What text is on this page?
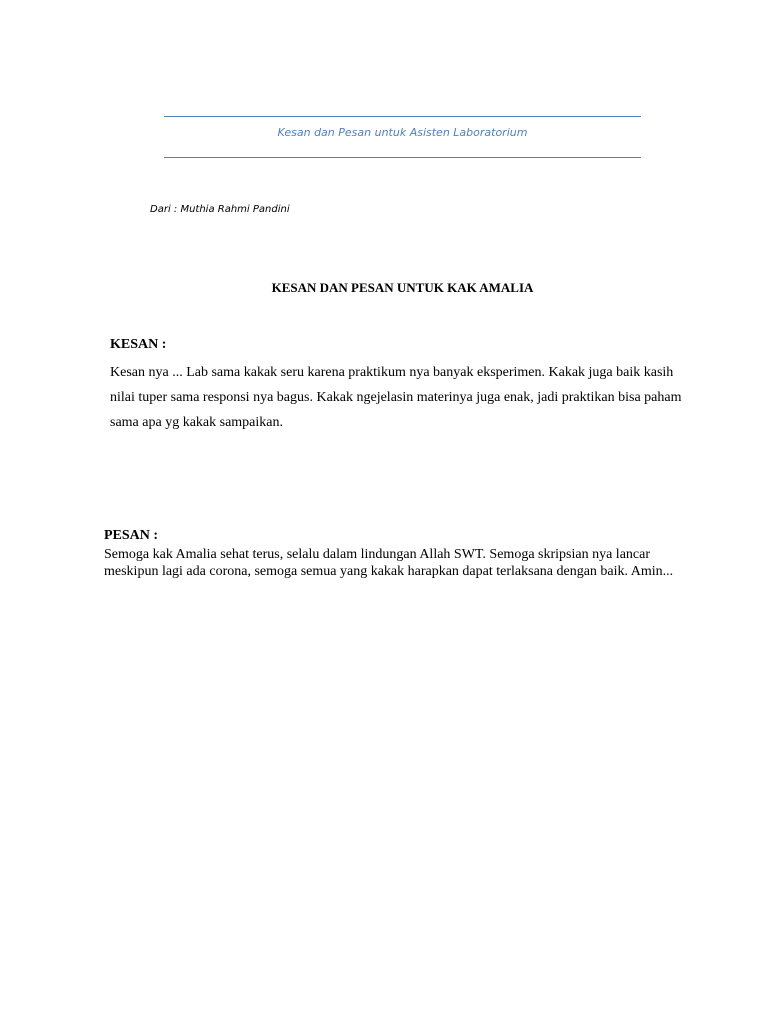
Kesan dan Pesan untuk Asisten Laboratorium
Dari : Muthia Rahmi Pandini
KESAN DAN PESAN UNTUK KAK AMALIA
KESAN :

Kesan nya ... Lab sama kakak seru karena praktikum nya banyak eksperimen. Kakak juga baik kasih nilai tuper sama responsi nya bagus. Kakak ngejelasin materinya juga enak, jadi praktikan bisa paham sama apa yg kakak sampaikan.

PESAN :

Semoga kak Amalia sehat terus, selalu dalam lindungan Allah SWT. Semoga skripsian nya lancar meskipun lagi ada corona, semoga semua yang kakak harapkan dapat terlaksana dengan baik. Amin...
